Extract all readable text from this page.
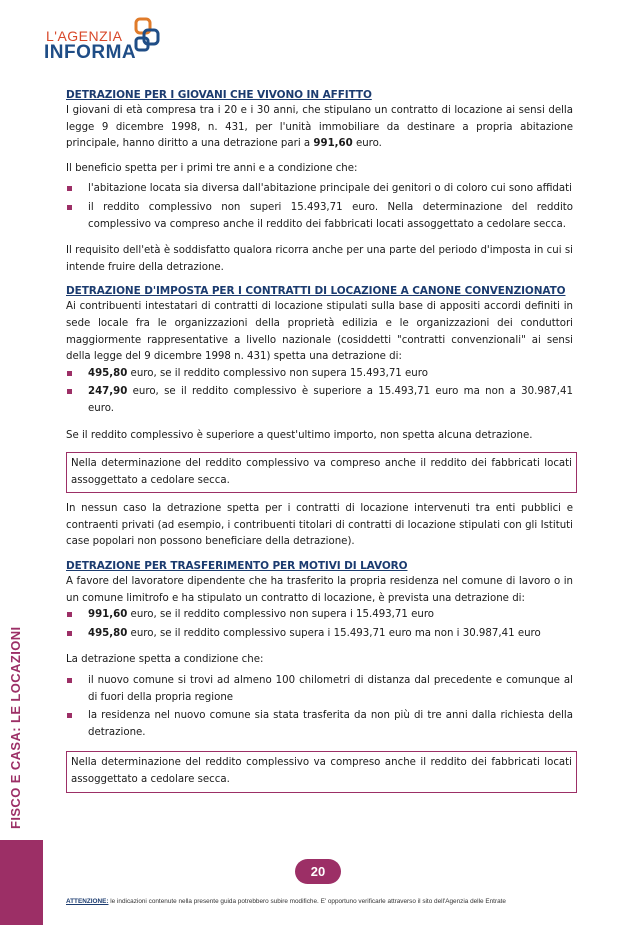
L'AGENZIA
INFORMA
FISCO E CASA: LE LOCAZIONI
DETRAZIONE PER I GIOVANI CHE VIVONO IN AFFITTO

I giovani di età compresa tra i 20 e i 30 anni, che stipulano un contratto di locazione ai sensi della legge 9 dicembre 1998, n. 431, per l'unità immobiliare da destinare a propria abitazione principale, hanno diritto a una detrazione pari a 991,60 euro.

Il beneficio spetta per i primi tre anni e a condizione che:

l'abitazione locata sia diversa dall'abitazione principale dei genitori o di coloro cui sono affidati
il reddito complessivo non superi 15.493,71 euro. Nella determinazione del reddito complessivo va compreso anche il reddito dei fabbricati locati assoggettato a cedolare secca.

Il requisito dell'età è soddisfatto qualora ricorra anche per una parte del periodo d'imposta in cui si intende fruire della detrazione.

DETRAZIONE D'IMPOSTA PER I CONTRATTI DI LOCAZIONE A CANONE CONVENZIONATO

Ai contribuenti intestatari di contratti di locazione stipulati sulla base di appositi accordi definiti in sede locale fra le organizzazioni della proprietà edilizia e le organizzazioni dei conduttori maggiormente rappresentative a livello nazionale (cosiddetti "contratti convenzionali" ai sensi della legge del 9 dicembre 1998 n. 431) spetta una detrazione di:

495,80 euro, se il reddito complessivo non supera 15.493,71 euro
247,90 euro, se il reddito complessivo è superiore a 15.493,71 euro ma non a 30.987,41 euro.

Se il reddito complessivo è superiore a quest'ultimo importo, non spetta alcuna detrazione.

Nella determinazione del reddito complessivo va compreso anche il reddito dei fabbricati locati assoggettato a cedolare secca.

In nessun caso la detrazione spetta per i contratti di locazione intervenuti tra enti pubblici e contraenti privati (ad esempio, i contribuenti titolari di contratti di locazione stipulati con gli Istituti case popolari non possono beneficiare della detrazione).

DETRAZIONE PER TRASFERIMENTO PER MOTIVI DI LAVORO

A favore del lavoratore dipendente che ha trasferito la propria residenza nel comune di lavoro o in un comune limitrofo e ha stipulato un contratto di locazione, è prevista una detrazione di:

991,60 euro, se il reddito complessivo non supera i 15.493,71 euro
495,80 euro, se il reddito complessivo supera i 15.493,71 euro ma non i 30.987,41 euro

La detrazione spetta a condizione che:

il nuovo comune si trovi ad almeno 100 chilometri di distanza dal precedente e comunque al di fuori della propria regione
la residenza nel nuovo comune sia stata trasferita da non più di tre anni dalla richiesta della detrazione.
Nella determinazione del reddito complessivo va compreso anche il reddito dei fabbricati locati assoggettato a cedolare secca.
20
ATTENZIONE: le indicazioni contenute nella presente guida potrebbero subire modifiche. E' opportuno verificarle attraverso il sito dell'Agenzia delle Entrate
